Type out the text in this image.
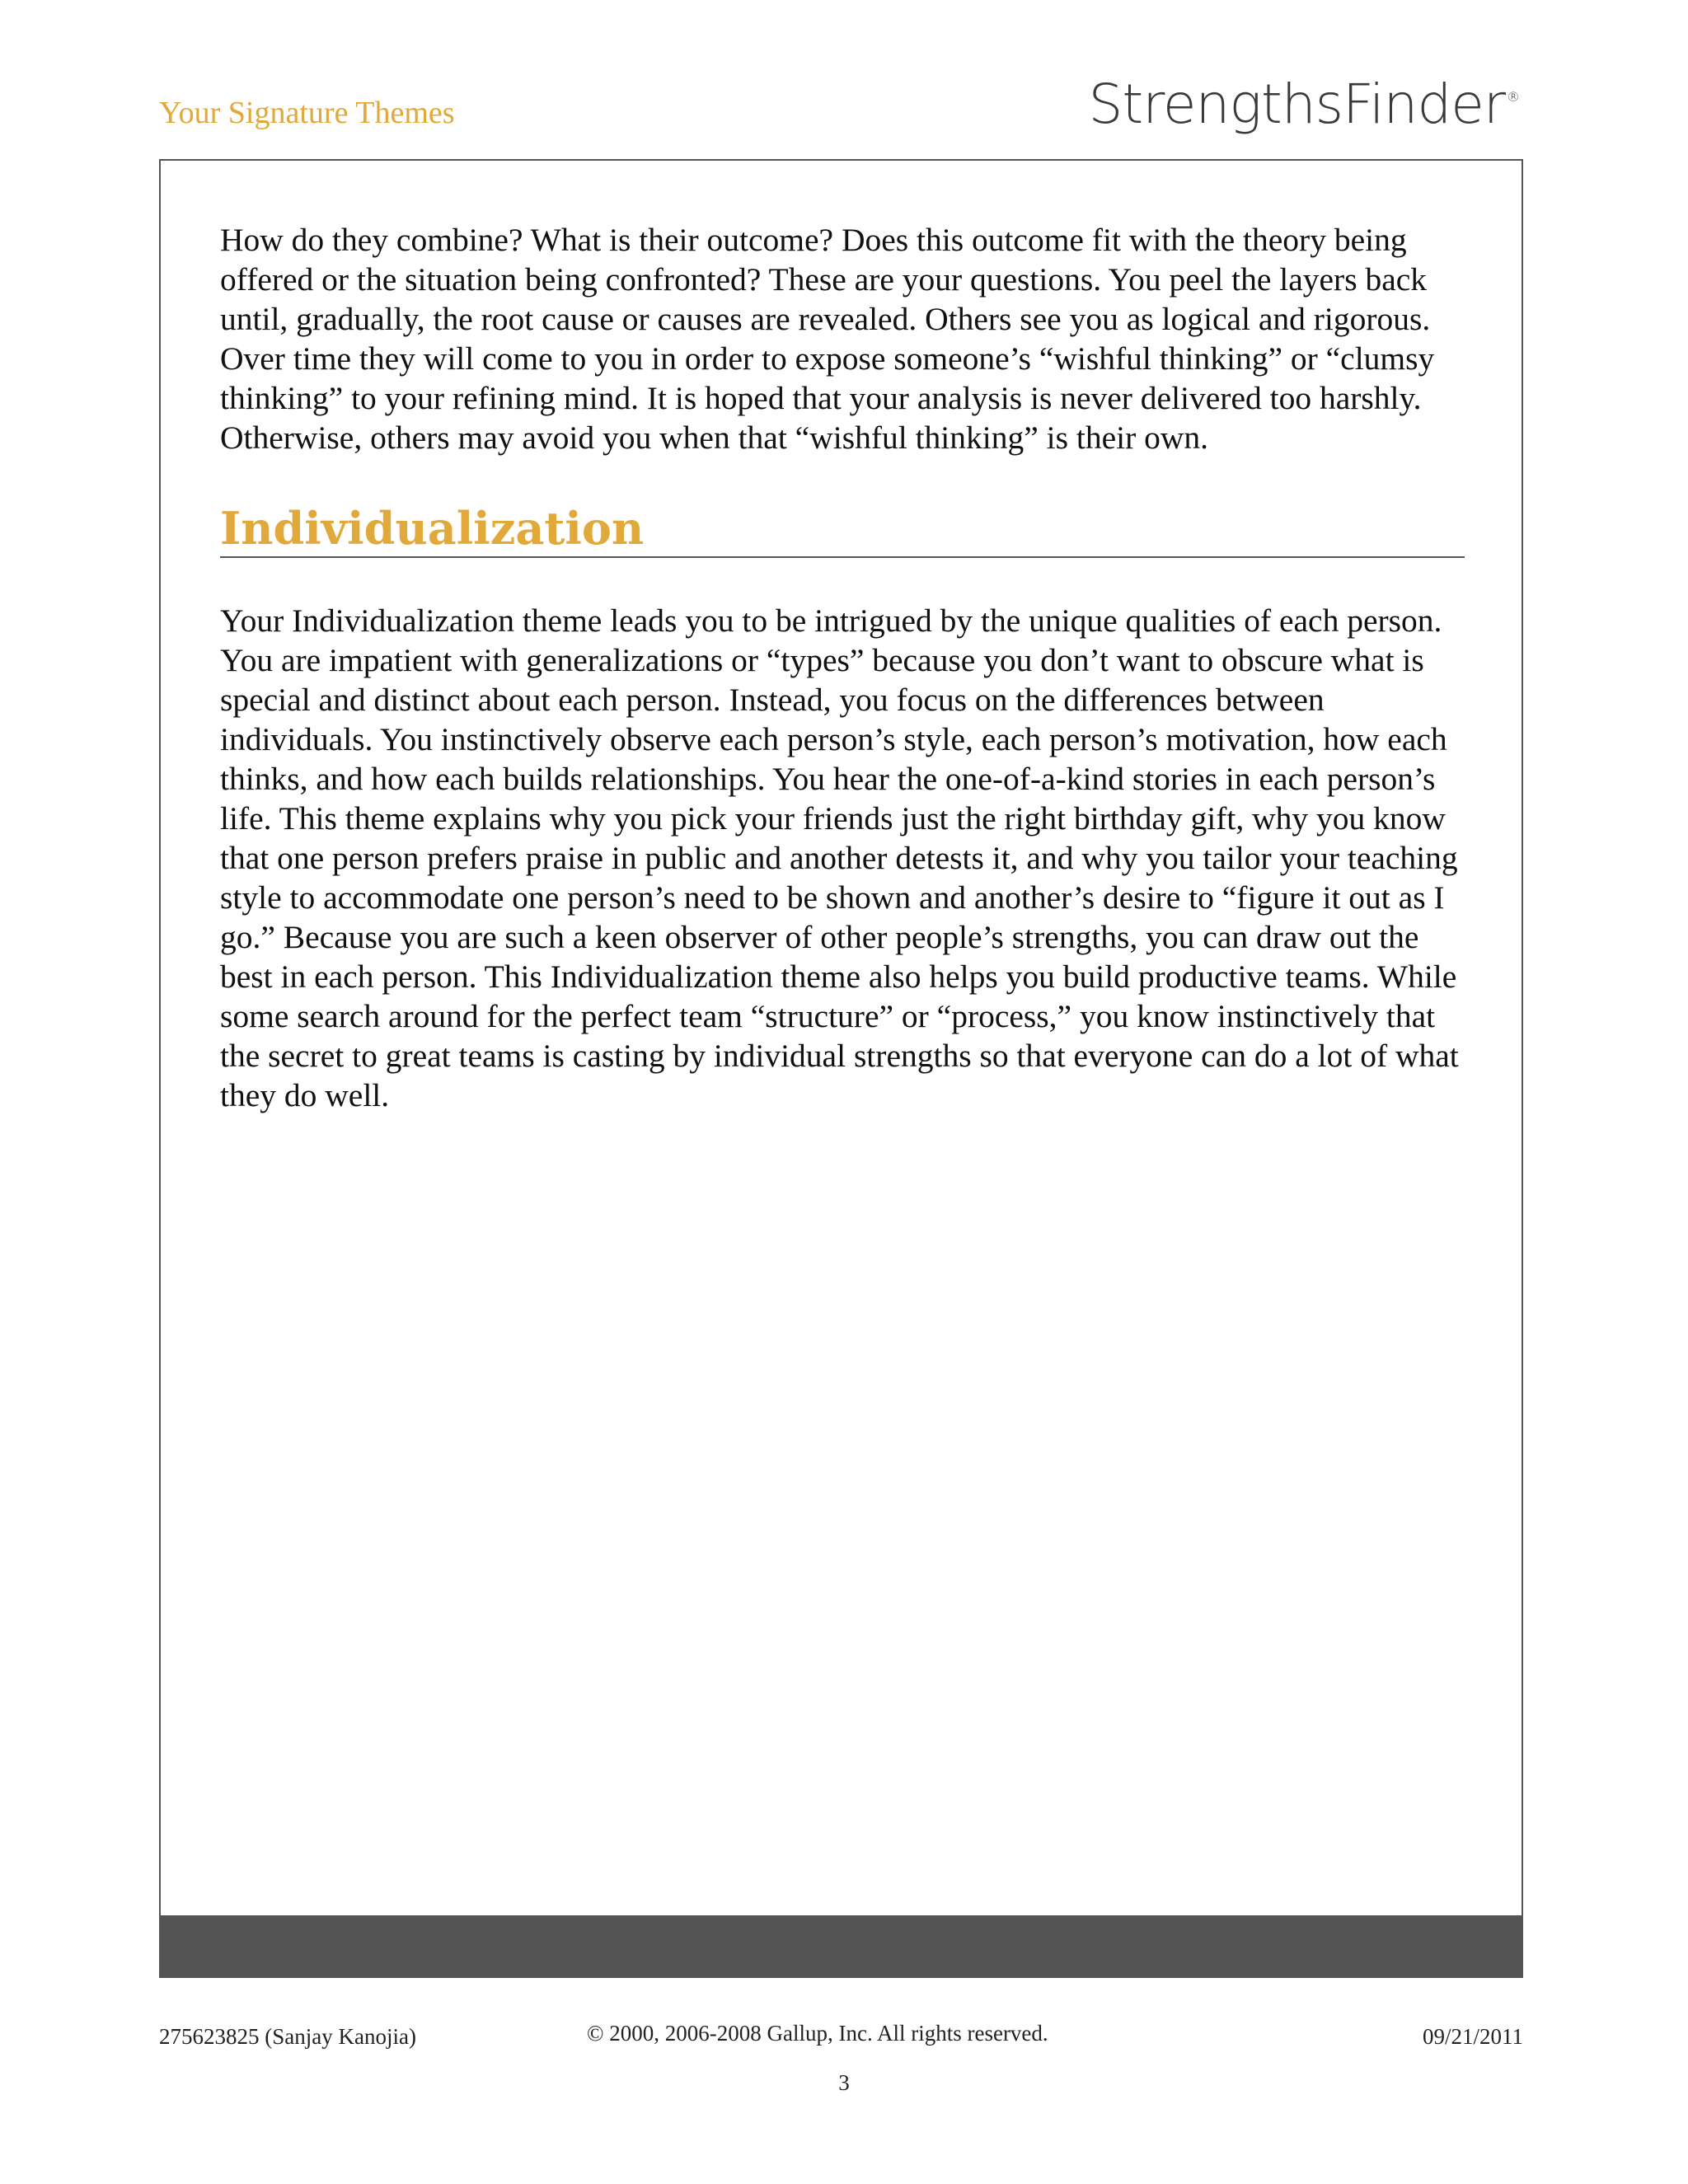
Your Signature Themes	StrengthsFinder ®

How do they combine? What is their outcome? Does this outcome fit with the theory being offered or the situation being confronted? These are your questions. You peel the layers back until, gradually, the root cause or causes are revealed. Others see you as logical and rigorous. Over time they will come to you in order to expose someone’s “wishful thinking” or “clumsy thinking” to your refining mind. It is hoped that your analysis is never delivered too harshly. Otherwise, others may avoid you when that “wishful thinking” is their own.

Individualization

Your Individualization theme leads you to be intrigued by the unique qualities of each person. You are impatient with generalizations or “types” because you don’t want to obscure what is special and distinct about each person. Instead, you focus on the differences between individuals. You instinctively observe each person’s style, each person’s motivation, how each thinks, and how each builds relationships. You hear the one-of-a-kind stories in each person’s life. This theme explains why you pick your friends just the right birthday gift, why you know that one person prefers praise in public and another detests it, and why you tailor your teaching style to accommodate one person’s need to be shown and another’s desire to “figure it out as I go.” Because you are such a keen observer of other people’s strengths, you can draw out the best in each person. This Individualization theme also helps you build productive teams. While some search around for the perfect team “structure” or “process,” you know instinctively that the secret to great teams is casting by individual strengths so that everyone can do a lot of what they do well.

275623825 (Sanjay Kanojia)	© 2000, 2006-2008 Gallup, Inc. All rights reserved.	09/21/2011
3
